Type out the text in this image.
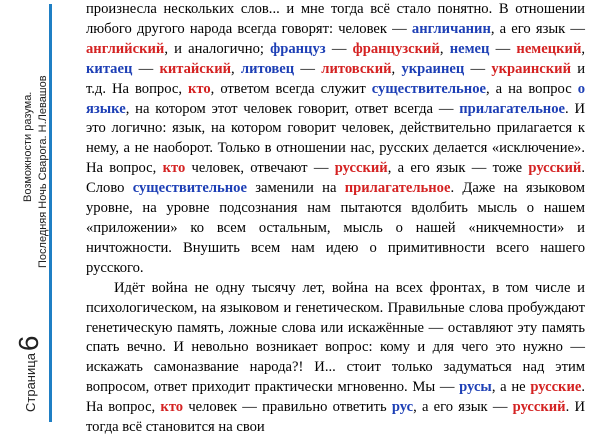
Возможности разума. Последняя Ночь Сварога. Н.Левашов
Страница6

произнесла нескольких слов... и мне тогда всё стало понятно. В отношении любого другого народа всегда говорят: человек — англичанин, а его язык — английский, и аналогично; француз — французский, немец — немецкий, китаец — китайский, литовец — литовский, украинец — украинский и т.д. На вопрос, кто, ответом всегда служит существительное, а на вопрос о языке, на котором этот человек говорит, ответ всегда — прилагательное. И это логично: язык, на котором говорит человек, действительно прилагается к нему, а не наоборот. Только в отношении нас, русских делается «исключение». На вопрос, кто человек, отвечают — русский, а его язык — тоже русский. Слово существительное заменили на прилагательное. Даже на языковом уровне, на уровне подсознания нам пытаются вдолбить мысль о нашем «приложении» ко всем остальным, мысль о нашей «никчемности» и ничтожности. Внушить всем нам идею о примитивности всего нашего русского.

Идёт война не одну тысячу лет, война на всех фронтах, в том числе и психологическом, на языковом и генетическом. Правильные слова пробуждают генетическую память, ложные слова или искажённые — оставляют эту память спать вечно. И невольно возникает вопрос: кому и для чего это нужно — искажать самоназвание народа?! И... стоит только задуматься над этим вопросом, ответ приходит практически мгновенно. Мы — русы, а не русские. На вопрос, кто человек — правильно ответить рус, а его язык — русский. И тогда всё становится на свои
